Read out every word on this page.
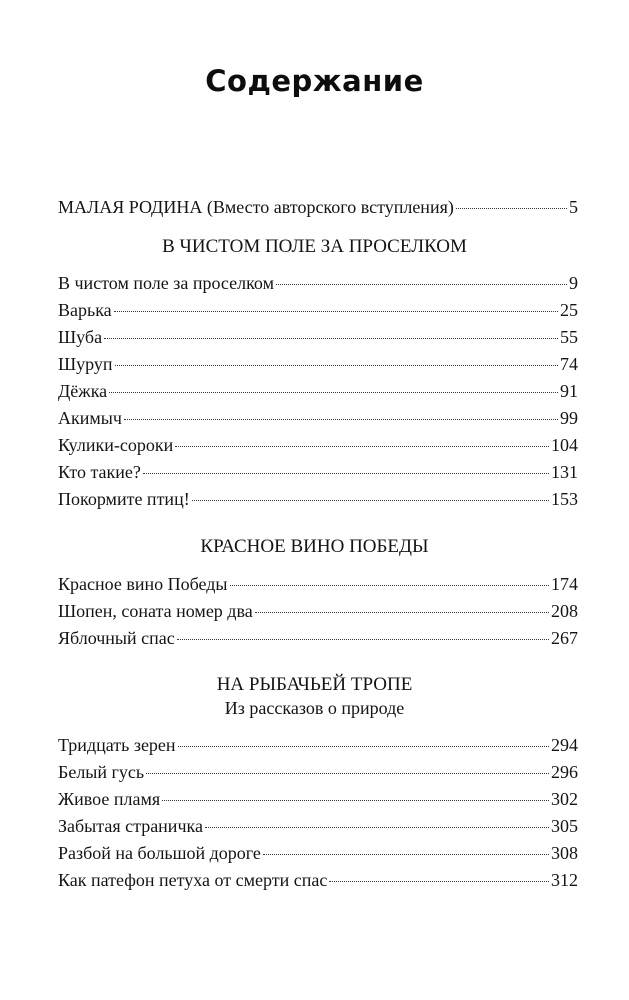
Содержание
МАЛАЯ РОДИНА (Вместо авторского вступления)	5
В ЧИСТОМ ПОЛЕ ЗА ПРОСЕЛКОМ
В чистом поле за проселком	9
Варька	25
Шуба	55
Шуруп	74
Дёжка	91
Акимыч	99
Кулики-сороки	104
Кто такие?	131
Покормите птиц!	153
КРАСНОЕ ВИНО ПОБЕДЫ
Красное вино Победы	174
Шопен, соната номер два	208
Яблочный спас	267
НА РЫБАЧЬЕЙ ТРОПЕ
Из рассказов о природе
Тридцать зерен	294
Белый гусь	296
Живое пламя	302
Забытая страничка	305
Разбой на большой дороге	308
Как патефон петуха от смерти спас	312
